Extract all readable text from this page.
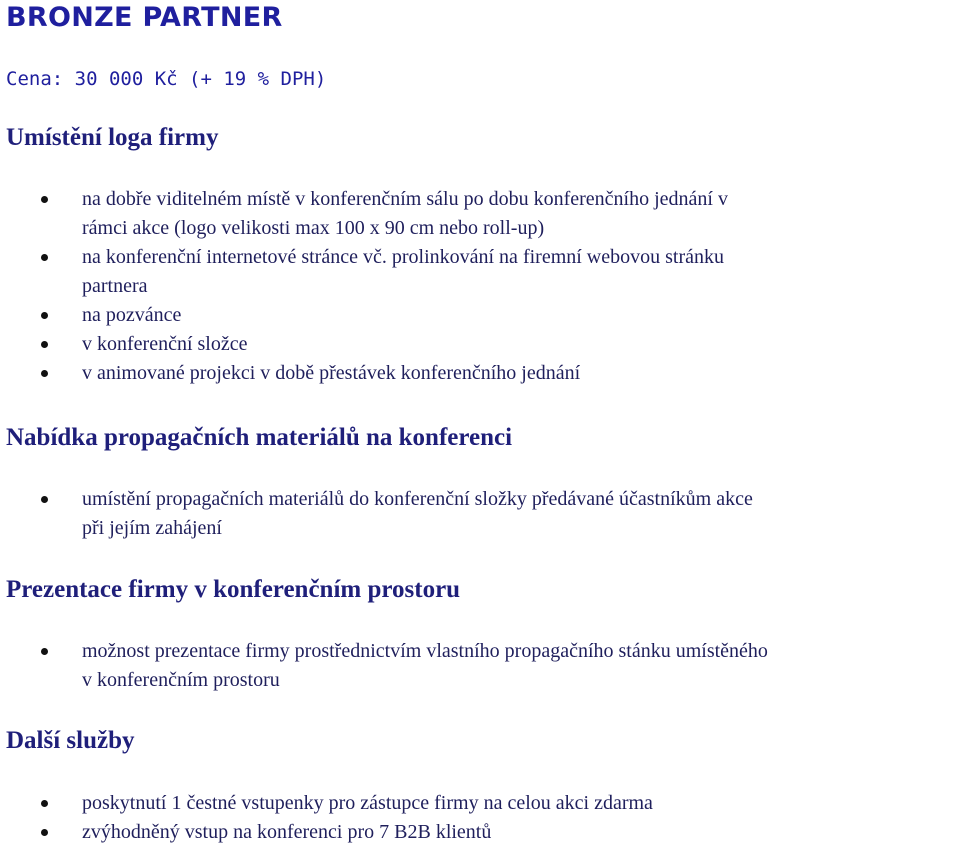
BRONZE PARTNER

Cena: 30 000 Kč (+ 19 % DPH)

Umístění loga firmy
na dobře viditelném místě v konferenčním sálu po dobu konferenčního jednání v
rámci akce (logo velikosti max 100 x 90 cm nebo roll-up)
na konferenční internetové stránce vč. prolinkování na firemní webovou stránku
partnera
na pozvánce
v konferenční složce
v animované projekci v době přestávek konferenčního jednání
Nabídka propagačních materiálů na konferenci
umístění propagačních materiálů do konferenční složky předávané účastníkům akce
při jejím zahájení
Prezentace firmy v konferenčním prostoru
možnost prezentace firmy prostřednictvím vlastního propagačního stánku umístěného
v konferenčním prostoru
Další služby
poskytnutí 1 čestné vstupenky pro zástupce firmy na celou akci zdarma
zvýhodněný vstup na konferenci pro 7 B2B klientů
